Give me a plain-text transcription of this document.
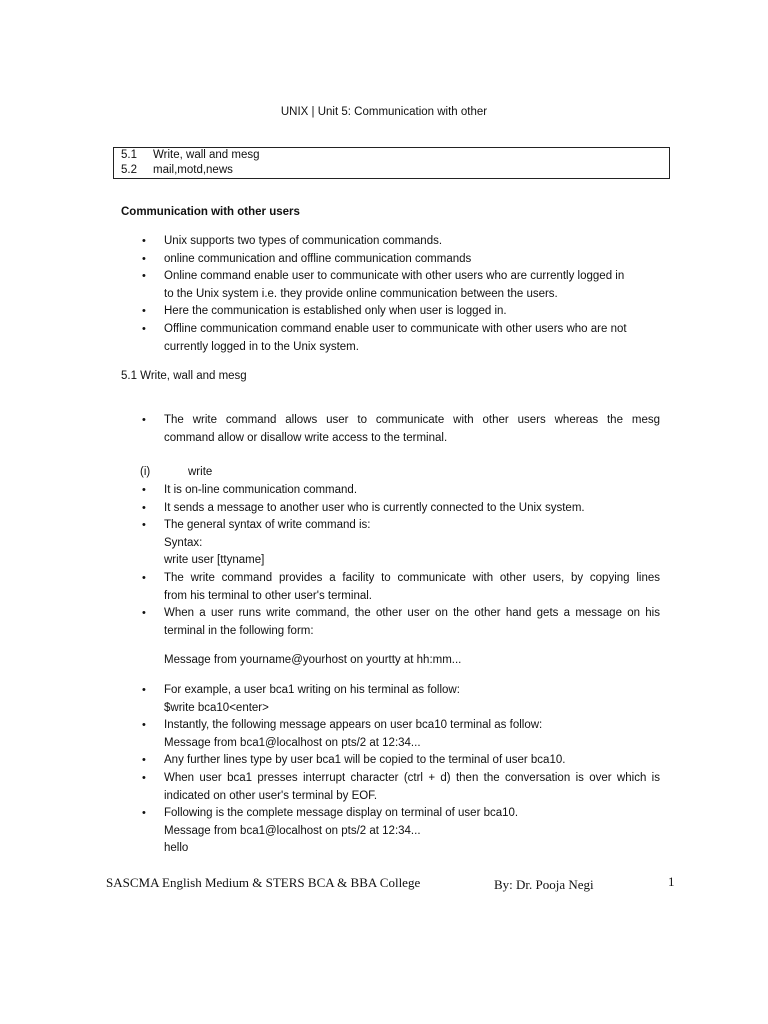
UNIX | Unit 5: Communication with other
5.1 Write, wall and mesg
5.2 mail,motd,news
Communication with other users
• Unix supports two types of communication commands.
• online communication and offline communication commands
• Online command enable user to communicate with other users who are currently logged in
to the Unix system i.e. they provide online communication between the users.
• Here the communication is established only when user is logged in.
• Offline communication command enable user to communicate with other users who are not
currently logged in to the Unix system.
5.1 Write, wall and mesg
• The write command allows user to communicate with other users whereas the mesg
command allow or disallow write access to the terminal.
(i)	write
• It is on-line communication command.
• It sends a message to another user who is currently connected to the Unix system.
• The general syntax of write command is:
Syntax:
write user [ttyname]
• The write command provides a facility to communicate with other users, by copying lines
from his terminal to other user's terminal.
• When a user runs write command, the other user on the other hand gets a message on his
terminal in the following form:
Message from yourname@yourhost on yourtty at hh:mm...
• For example, a user bca1 writing on his terminal as follow:
$write bca10<enter>
• Instantly, the following message appears on user bca10 terminal as follow:
Message from bca1@localhost on pts/2 at 12:34...
• Any further lines type by user bca1 will be copied to the terminal of user bca10.
• When user bca1 presses interrupt character (ctrl + d) then the conversation is over which is
indicated on other user's terminal by EOF.
• Following is the complete message display on terminal of user bca10.
Message from bca1@localhost on pts/2 at 12:34...
hello
SASCMA English Medium & STERS BCA & BBA College	By: Dr. Pooja Negi	1
